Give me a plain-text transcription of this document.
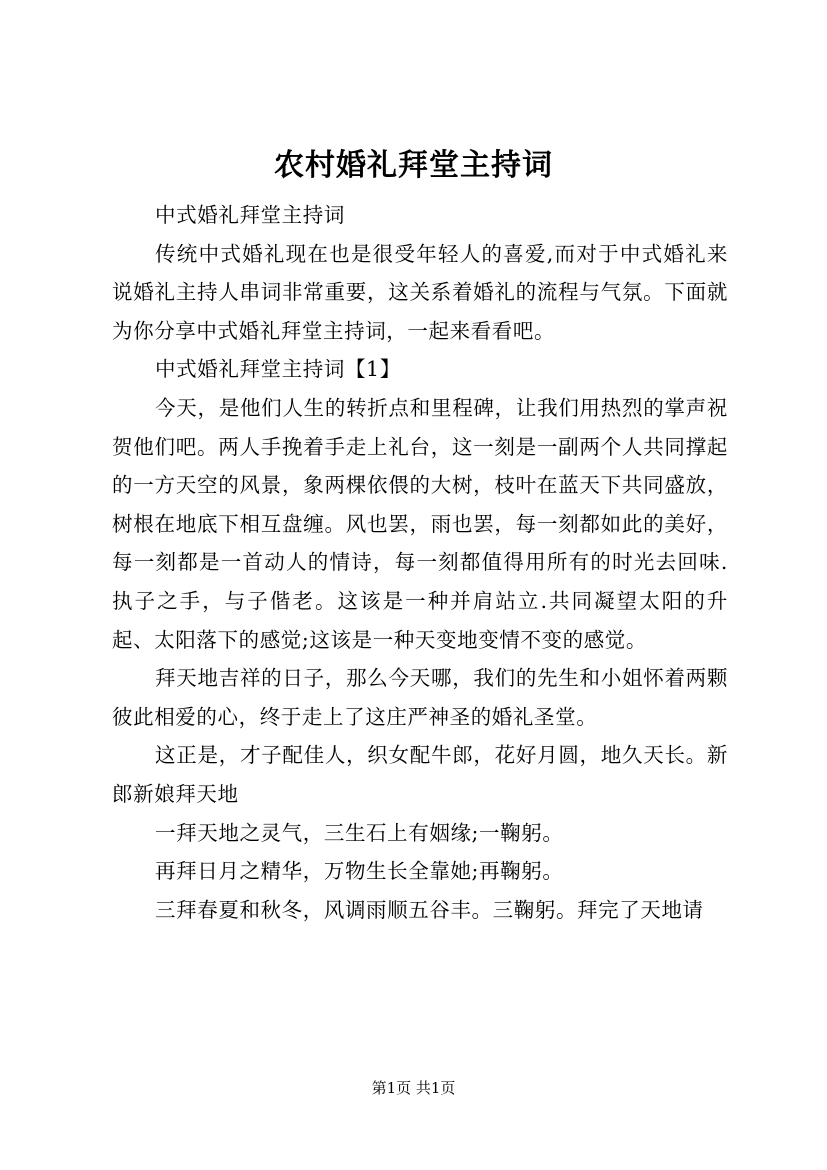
农村婚礼拜堂主持词

中式婚礼拜堂主持词

传统中式婚礼现在也是很受年轻人的喜爱,而对于中式婚礼来说婚礼主持人串词非常重要，这关系着婚礼的流程与气氛。下面就为你分享中式婚礼拜堂主持词，一起来看看吧。

中式婚礼拜堂主持词【1】

今天，是他们人生的转折点和里程碑，让我们用热烈的掌声祝贺他们吧。两人手挽着手走上礼台，这一刻是一副两个人共同撑起的一方天空的风景，象两棵依偎的大树，枝叶在蓝天下共同盛放，树根在地底下相互盘缠。风也罢，雨也罢，每一刻都如此的美好，每一刻都是一首动人的情诗，每一刻都值得用所有的时光去回味.执子之手，与子偕老。这该是一种并肩站立.共同凝望太阳的升起、太阳落下的感觉;这该是一种天变地变情不变的感觉。

拜天地吉祥的日子，那么今天哪，我们的先生和小姐怀着两颗彼此相爱的心，终于走上了这庄严神圣的婚礼圣堂。

这正是，才子配佳人，织女配牛郎，花好月圆，地久天长。新郎新娘拜天地

一拜天地之灵气，三生石上有姻缘;一鞠躬。

再拜日月之精华，万物生长全靠她;再鞠躬。

三拜春夏和秋冬，风调雨顺五谷丰。三鞠躬。拜完了天地请

第1页 共1页
